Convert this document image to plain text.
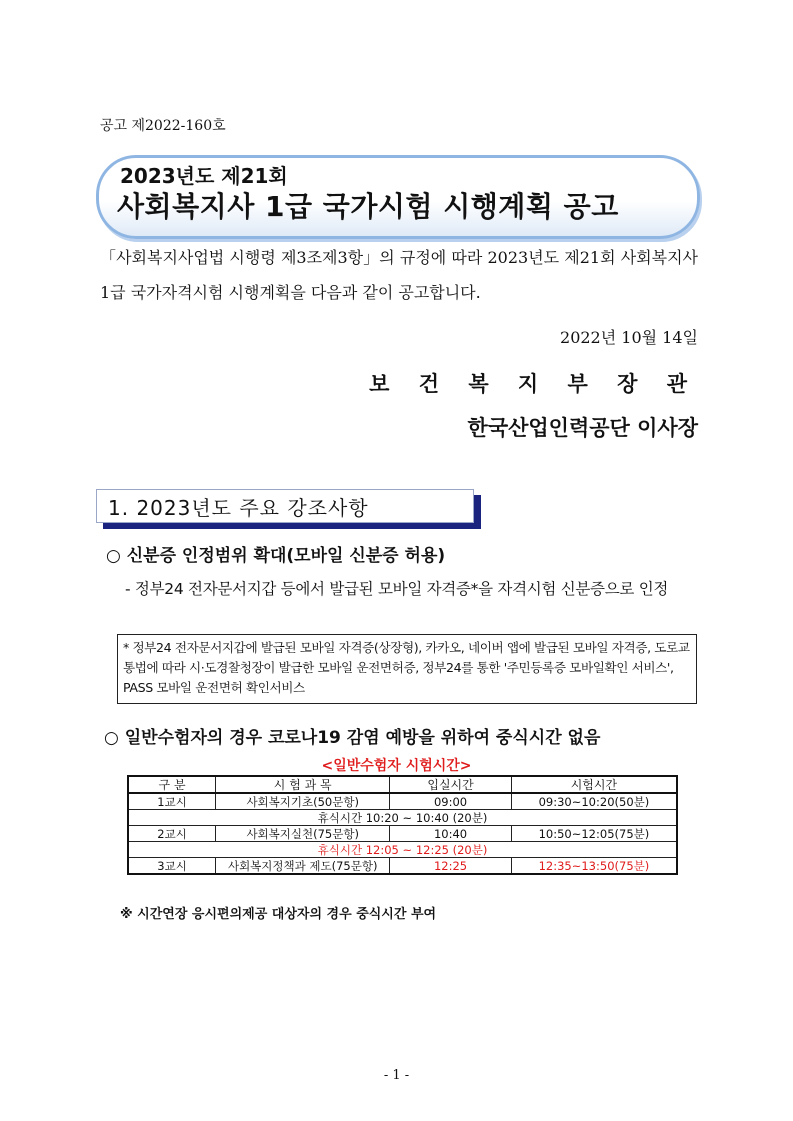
공고 제2022-160호
2023년도 제21회
사회복지사 1급 국가시험 시행계획 공고
「사회복지사업법 시행령 제3조제3항」의 규정에 따라 2023년도 제21회 사회복지사 1급 국가자격시험 시행계획을 다음과 같이 공고합니다.
2022년 10월 14일
보 건 복 지 부 장 관
한국산업인력공단 이사장
1. 2023년도 주요 강조사항
○ 신분증 인정범위 확대(모바일 신분증 허용)
- 정부24 전자문서지갑 등에서 발급된 모바일 자격증*을 자격시험 신분증으로 인정
* 정부24 전자문서지갑에 발급된 모바일 자격증(상장형), 카카오, 네이버 앱에 발급된 모바일 자격증, 도로교통법에 따라 시·도경찰청장이 발급한 모바일 운전면허증, 정부24를 통한 '주민등록증 모바일확인 서비스', PASS 모바일 운전면허 확인서비스
○ 일반수험자의 경우 코로나19 감염 예방을 위하여 중식시간 없음
<일반수험자 시험시간>
구 분	시 험 과 목	입실시간	시험시간
1교시	사회복지기초(50문항)	09:00	09:30~10:20(50분)
휴식시간 10:20 ~ 10:40 (20분)			
2교시	사회복지실천(75문항)	10:40	10:50~12:05(75분)
휴식시간 12:05 ~ 12:25 (20분)			
3교시	사회복지정책과 제도(75문항)	12:25	12:35~13:50(75분)
※ 시간연장 응시편의제공 대상자의 경우 중식시간 부여
- 1 -
